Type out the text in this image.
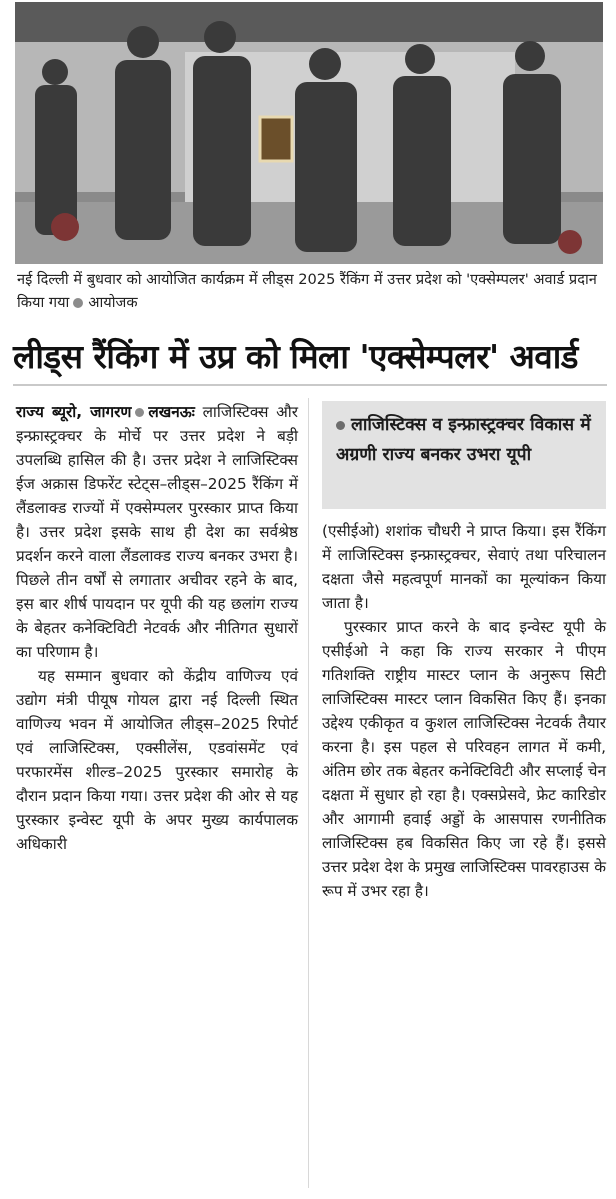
नई दिल्ली में बुधवार को आयोजित कार्यक्रम में लीड्स 2025 रैंकिंग में उत्तर प्रदेश को 'एक्सेम्पलर' अवार्ड प्रदान किया गया आयोजक
लीड्स रैंकिंग में उप्र को मिला 'एक्सेम्पलर' अवार्ड

राज्य ब्यूरो, जागरण लखनऊः लाजिस्टिक्स और इन्फ्रास्ट्रक्चर के मोर्चे पर उत्तर प्रदेश ने बड़ी उपलब्धि हासिल की है। उत्तर प्रदेश ने लाजिस्टिक्स ईज अक्रास डिफरेंट स्टेट्स–लीड्स–2025 रैंकिंग में लैंडलाक्ड राज्यों में एक्सेम्पलर पुरस्कार प्राप्त किया है। उत्तर प्रदेश इसके साथ ही देश का सर्वश्रेष्ठ प्रदर्शन करने वाला लैंडलाक्ड राज्य बनकर उभरा है। पिछले तीन वर्षों से लगातार अचीवर रहने के बाद, इस बार शीर्ष पायदान पर यूपी की यह छलांग राज्य के बेहतर कनेक्टिविटी नेटवर्क और नीतिगत सुधारों का परिणाम है।

यह सम्मान बुधवार को केंद्रीय वाणिज्य एवं उद्योग मंत्री पीयूष गोयल द्वारा नई दिल्ली स्थित वाणिज्य भवन में आयोजित लीड्स–2025 रिपोर्ट एवं लाजिस्टिक्स, एक्सीलेंस, एडवांसमेंट एवं परफारमेंस शील्ड–2025 पुरस्कार समारोह के दौरान प्रदान किया गया। उत्तर प्रदेश की ओर से यह पुरस्कार इन्वेस्ट यूपी के अपर मुख्य कार्यपालक अधिकारी

लाजिस्टिक्स व इन्फ्रास्ट्रक्चर विकास में अग्रणी राज्य बनकर उभरा यूपी

(एसीईओ) शशांक चौधरी ने प्राप्त किया। इस रैंकिंग में लाजिस्टिक्स इन्फ्रास्ट्रक्चर, सेवाएं तथा परिचालन दक्षता जैसे महत्वपूर्ण मानकों का मूल्यांकन किया जाता है।

पुरस्कार प्राप्त करने के बाद इन्वेस्ट यूपी के एसीईओ ने कहा कि राज्य सरकार ने पीएम गतिशक्ति राष्ट्रीय मास्टर प्लान के अनुरूप सिटी लाजिस्टिक्स मास्टर प्लान विकसित किए हैं। इनका उद्देश्य एकीकृत व कुशल लाजिस्टिक्स नेटवर्क तैयार करना है। इस पहल से परिवहन लागत में कमी, अंतिम छोर तक बेहतर कनेक्टिविटी और सप्लाई चेन दक्षता में सुधार हो रहा है। एक्सप्रेसवे, फ्रेट कारिडोर और आगामी हवाई अड्डों के आसपास रणनीतिक लाजिस्टिक्स हब विकसित किए जा रहे हैं। इससे उत्तर प्रदेश देश के प्रमुख लाजिस्टिक्स पावरहाउस के रूप में उभर रहा है।
